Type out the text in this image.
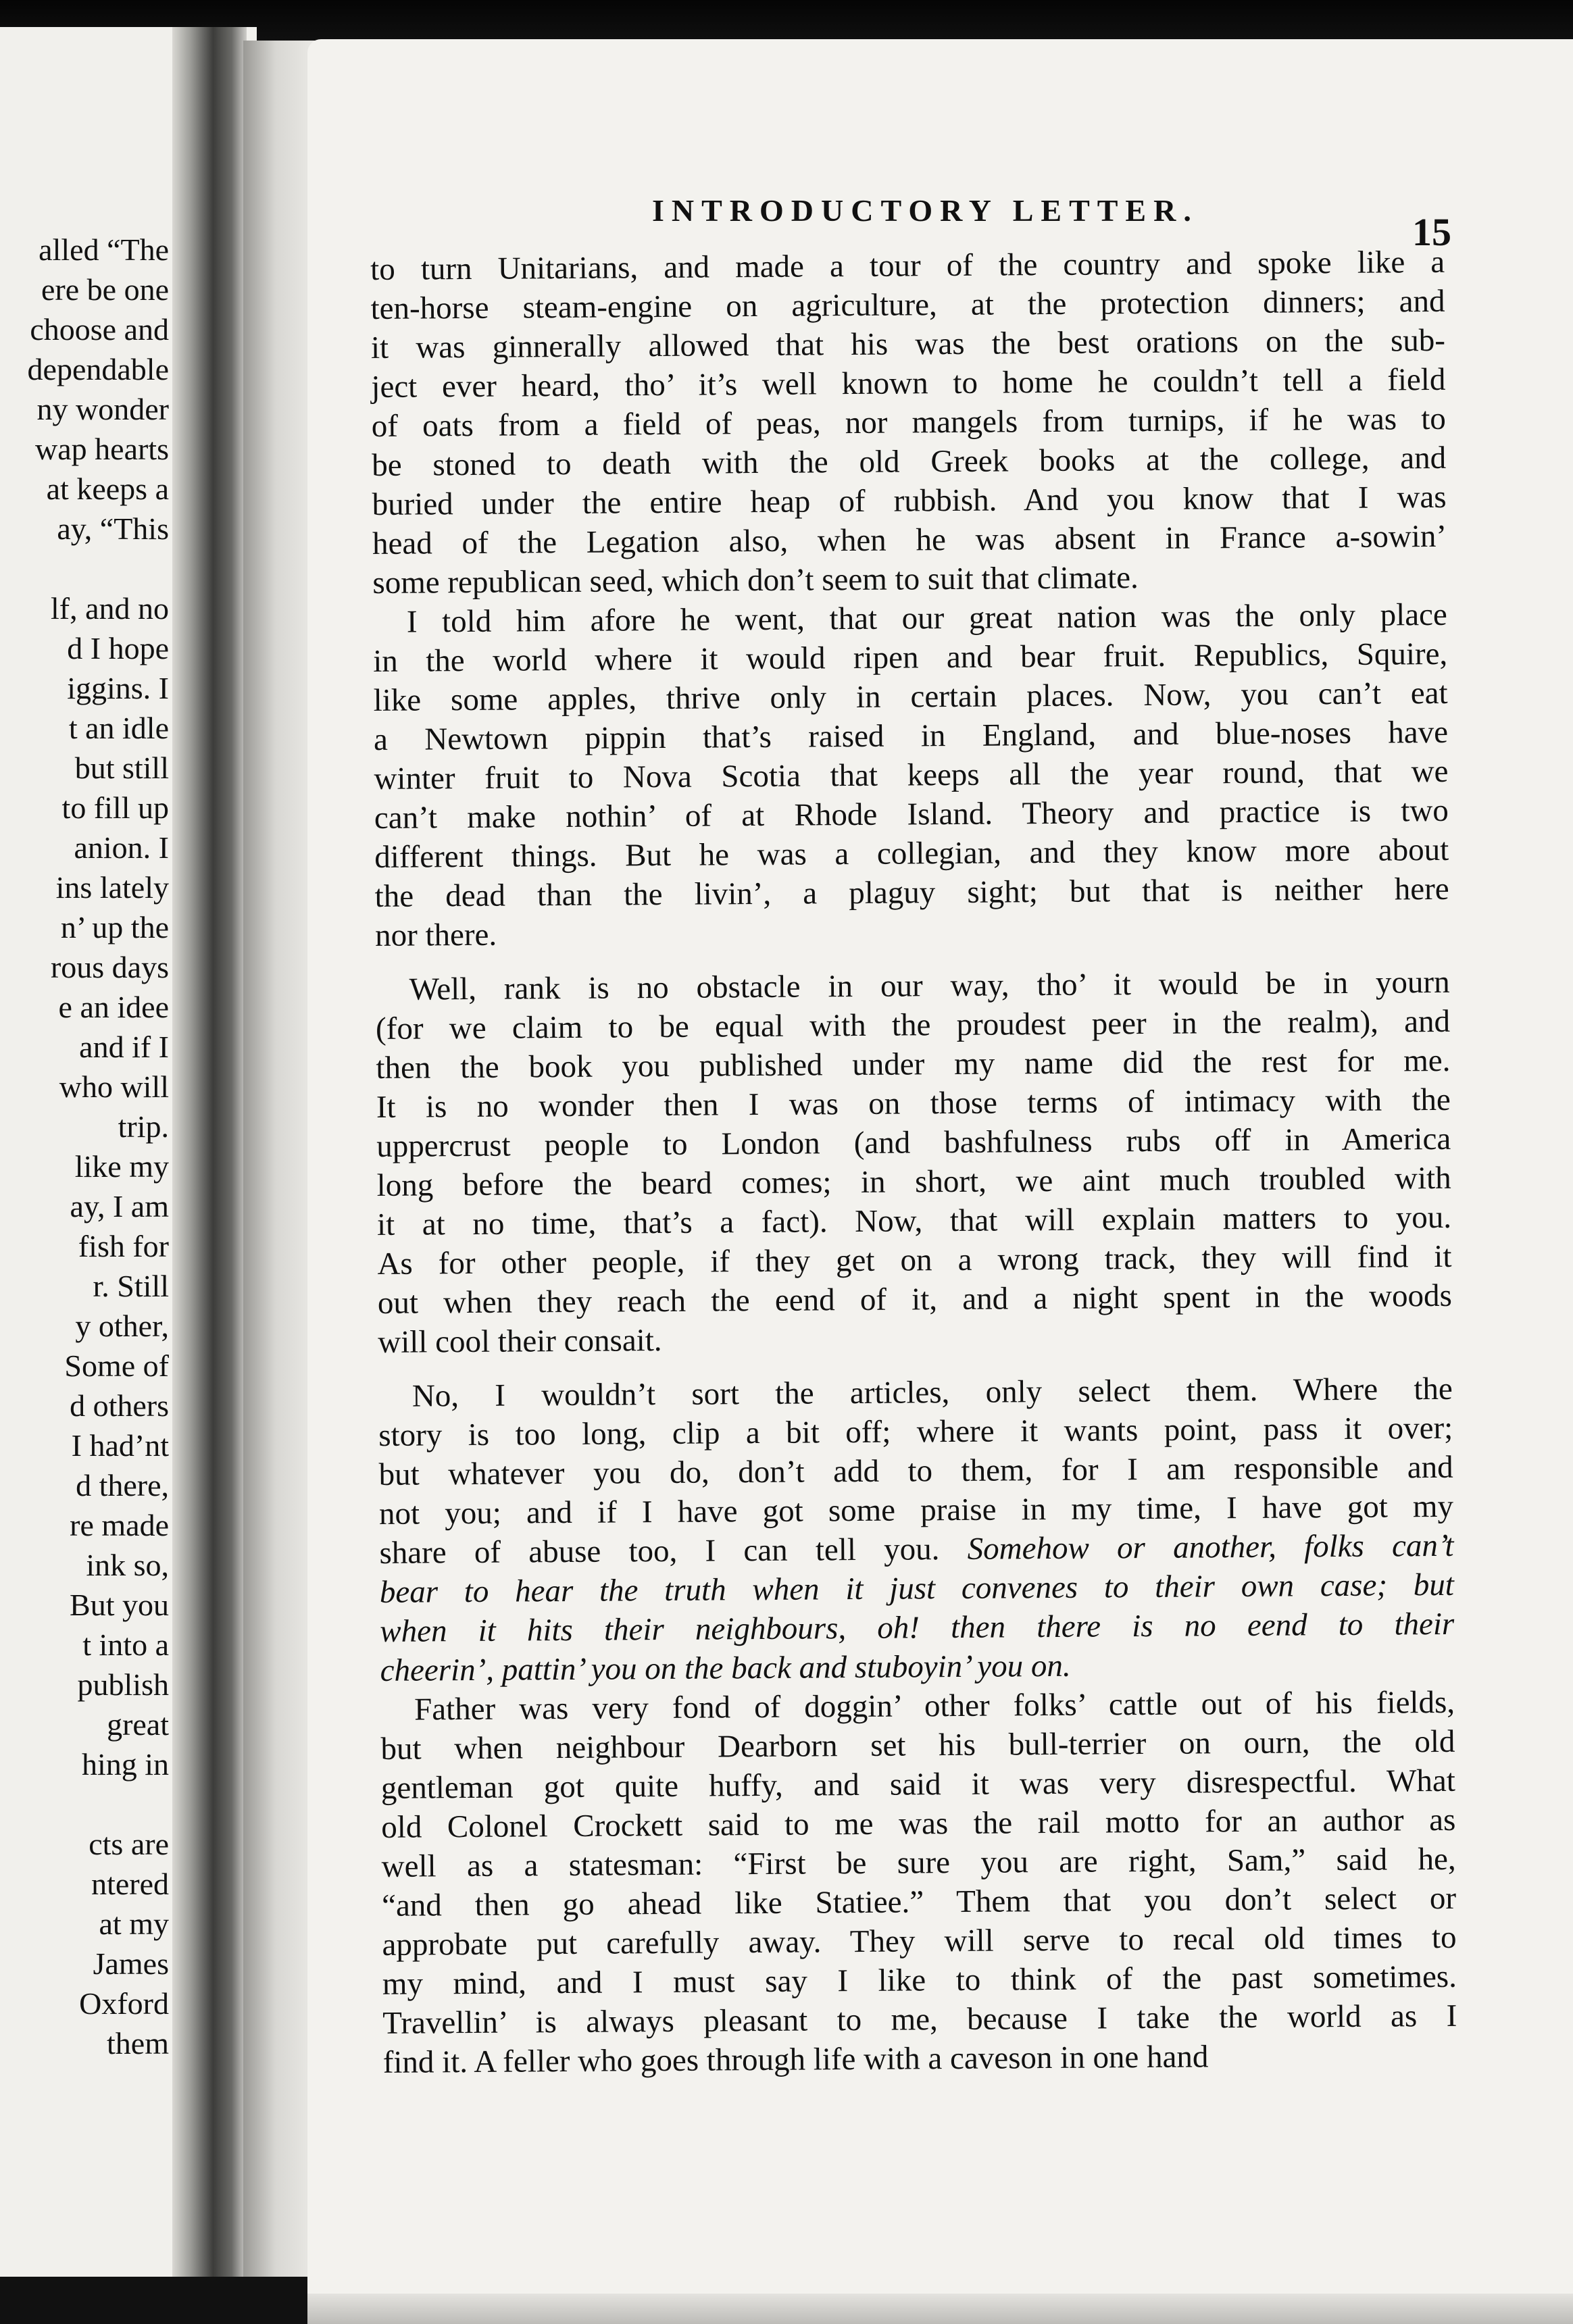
alled “The
ere be one
choose and
dependable
ny wonder
wap hearts
at keeps a
ay, “This
lf, and no
d I hope
iggins. I
t an idle
but still
to fill up
anion. I
ins lately
n’ up the
rous days
e an idee
and if I
who will
trip.
like my
ay, I am
fish for
r. Still
y other,
Some of
d others
I had’nt
d there,
re made
ink so,
But you
t into a
publish
great
hing in
cts are
ntered
at my
James
Oxford
them
INTRODUCTORY LETTER.	15

to turn Unitarians, and made a tour of the country and spoke like a

ten-horse steam-engine on agriculture, at the protection dinners; and

it was ginnerally allowed that his was the best orations on the sub-

ject ever heard, tho’ it’s well known to home he couldn’t tell a field

of oats from a field of peas, nor mangels from turnips, if he was to

be stoned to death with the old Greek books at the college, and

buried under the entire heap of rubbish. And you know that I was

head of the Legation also, when he was absent in France a-sowin’

some republican seed, which don’t seem to suit that climate.

I told him afore he went, that our great nation was the only place

in the world where it would ripen and bear fruit. Republics, Squire,

like some apples, thrive only in certain places. Now, you can’t eat

a Newtown pippin that’s raised in England, and blue-noses have

winter fruit to Nova Scotia that keeps all the year round, that we

can’t make nothin’ of at Rhode Island. Theory and practice is two

different things. But he was a collegian, and they know more about

the dead than the livin’, a plaguy sight; but that is neither here

nor there.

Well, rank is no obstacle in our way, tho’ it would be in yourn

(for we claim to be equal with the proudest peer in the realm), and

then the book you published under my name did the rest for me.

It is no wonder then I was on those terms of intimacy with the

uppercrust people to London (and bashfulness rubs off in America

long before the beard comes; in short, we aint much troubled with

it at no time, that’s a fact). Now, that will explain matters to you.

As for other people, if they get on a wrong track, they will find it

out when they reach the eend of it, and a night spent in the woods

will cool their consait.

No, I wouldn’t sort the articles, only select them. Where the

story is too long, clip a bit off; where it wants point, pass it over;

but whatever you do, don’t add to them, for I am responsible and

not you; and if I have got some praise in my time, I have got my

share of abuse too, I can tell you. Somehow or another, folks can’t

bear to hear the truth when it just convenes to their own case; but

when it hits their neighbours, oh! then there is no eend to their

cheerin’, pattin’ you on the back and stuboyin’ you on.

Father was very fond of doggin’ other folks’ cattle out of his fields,

but when neighbour Dearborn set his bull-terrier on ourn, the old

gentleman got quite huffy, and said it was very disrespectful. What

old Colonel Crockett said to me was the rail motto for an author as

well as a statesman: “First be sure you are right, Sam,” said he,

“and then go ahead like Statiee.” Them that you don’t select or

approbate put carefully away. They will serve to recal old times to

my mind, and I must say I like to think of the past sometimes.

Travellin’ is always pleasant to me, because I take the world as I

find it. A feller who goes through life with a caveson in one hand
